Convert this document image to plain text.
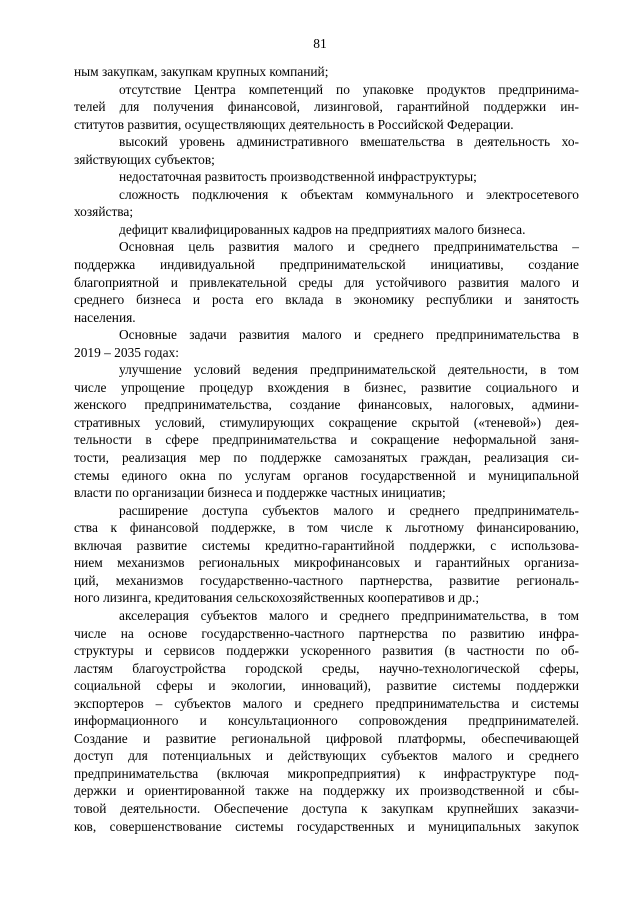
81
ным закупкам, закупкам крупных компаний;
отсутствие Центра компетенций по упаковке продуктов предпринима-
телей для получения финансовой, лизинговой, гарантийной поддержки ин-
ститутов развития, осуществляющих деятельность в Российской Федерации.
высокий уровень административного вмешательства в деятельность хо-
зяйствующих субъектов;
недостаточная развитость производственной инфраструктуры;
сложность подключения к объектам коммунального и электросетевого
хозяйства;
дефицит квалифицированных кадров на предприятиях малого бизнеса.
Основная цель развития малого и среднего предпринимательства –
поддержка индивидуальной предпринимательской инициативы, создание
благоприятной и привлекательной среды для устойчивого развития малого и
среднего бизнеса и роста его вклада в экономику республики и занятость
населения.
Основные задачи развития малого и среднего предпринимательства в
2019 – 2035 годах:
улучшение условий ведения предпринимательской деятельности, в том
числе упрощение процедур вхождения в бизнес, развитие социального и
женского предпринимательства, создание финансовых, налоговых, админи-
стративных условий, стимулирующих сокращение скрытой («теневой») дея-
тельности в сфере предпринимательства и сокращение неформальной заня-
тости, реализация мер по поддержке самозанятых граждан, реализация си-
стемы единого окна по услугам органов государственной и муниципальной
власти по организации бизнеса и поддержке частных инициатив;
расширение доступа субъектов малого и среднего предприниматель-
ства к финансовой поддержке, в том числе к льготному финансированию,
включая развитие системы кредитно-гарантийной поддержки, с использова-
нием механизмов региональных микрофинансовых и гарантийных организа-
ций, механизмов государственно-частного партнерства, развитие региональ-
ного лизинга, кредитования сельскохозяйственных кооперативов и др.;
акселерация субъектов малого и среднего предпринимательства, в том
числе на основе государственно-частного партнерства по развитию инфра-
структуры и сервисов поддержки ускоренного развития (в частности по об-
ластям благоустройства городской среды, научно-технологической сферы,
социальной сферы и экологии, инноваций), развитие системы поддержки
экспортеров – субъектов малого и среднего предпринимательства и системы
информационного и консультационного сопровождения предпринимателей.
Создание и развитие региональной цифровой платформы, обеспечивающей
доступ для потенциальных и действующих субъектов малого и среднего
предпринимательства (включая микропредприятия) к инфраструктуре под-
держки и ориентированной также на поддержку их производственной и сбы-
товой деятельности. Обеспечение доступа к закупкам крупнейших заказчи-
ков, совершенствование системы государственных и муниципальных закупок
